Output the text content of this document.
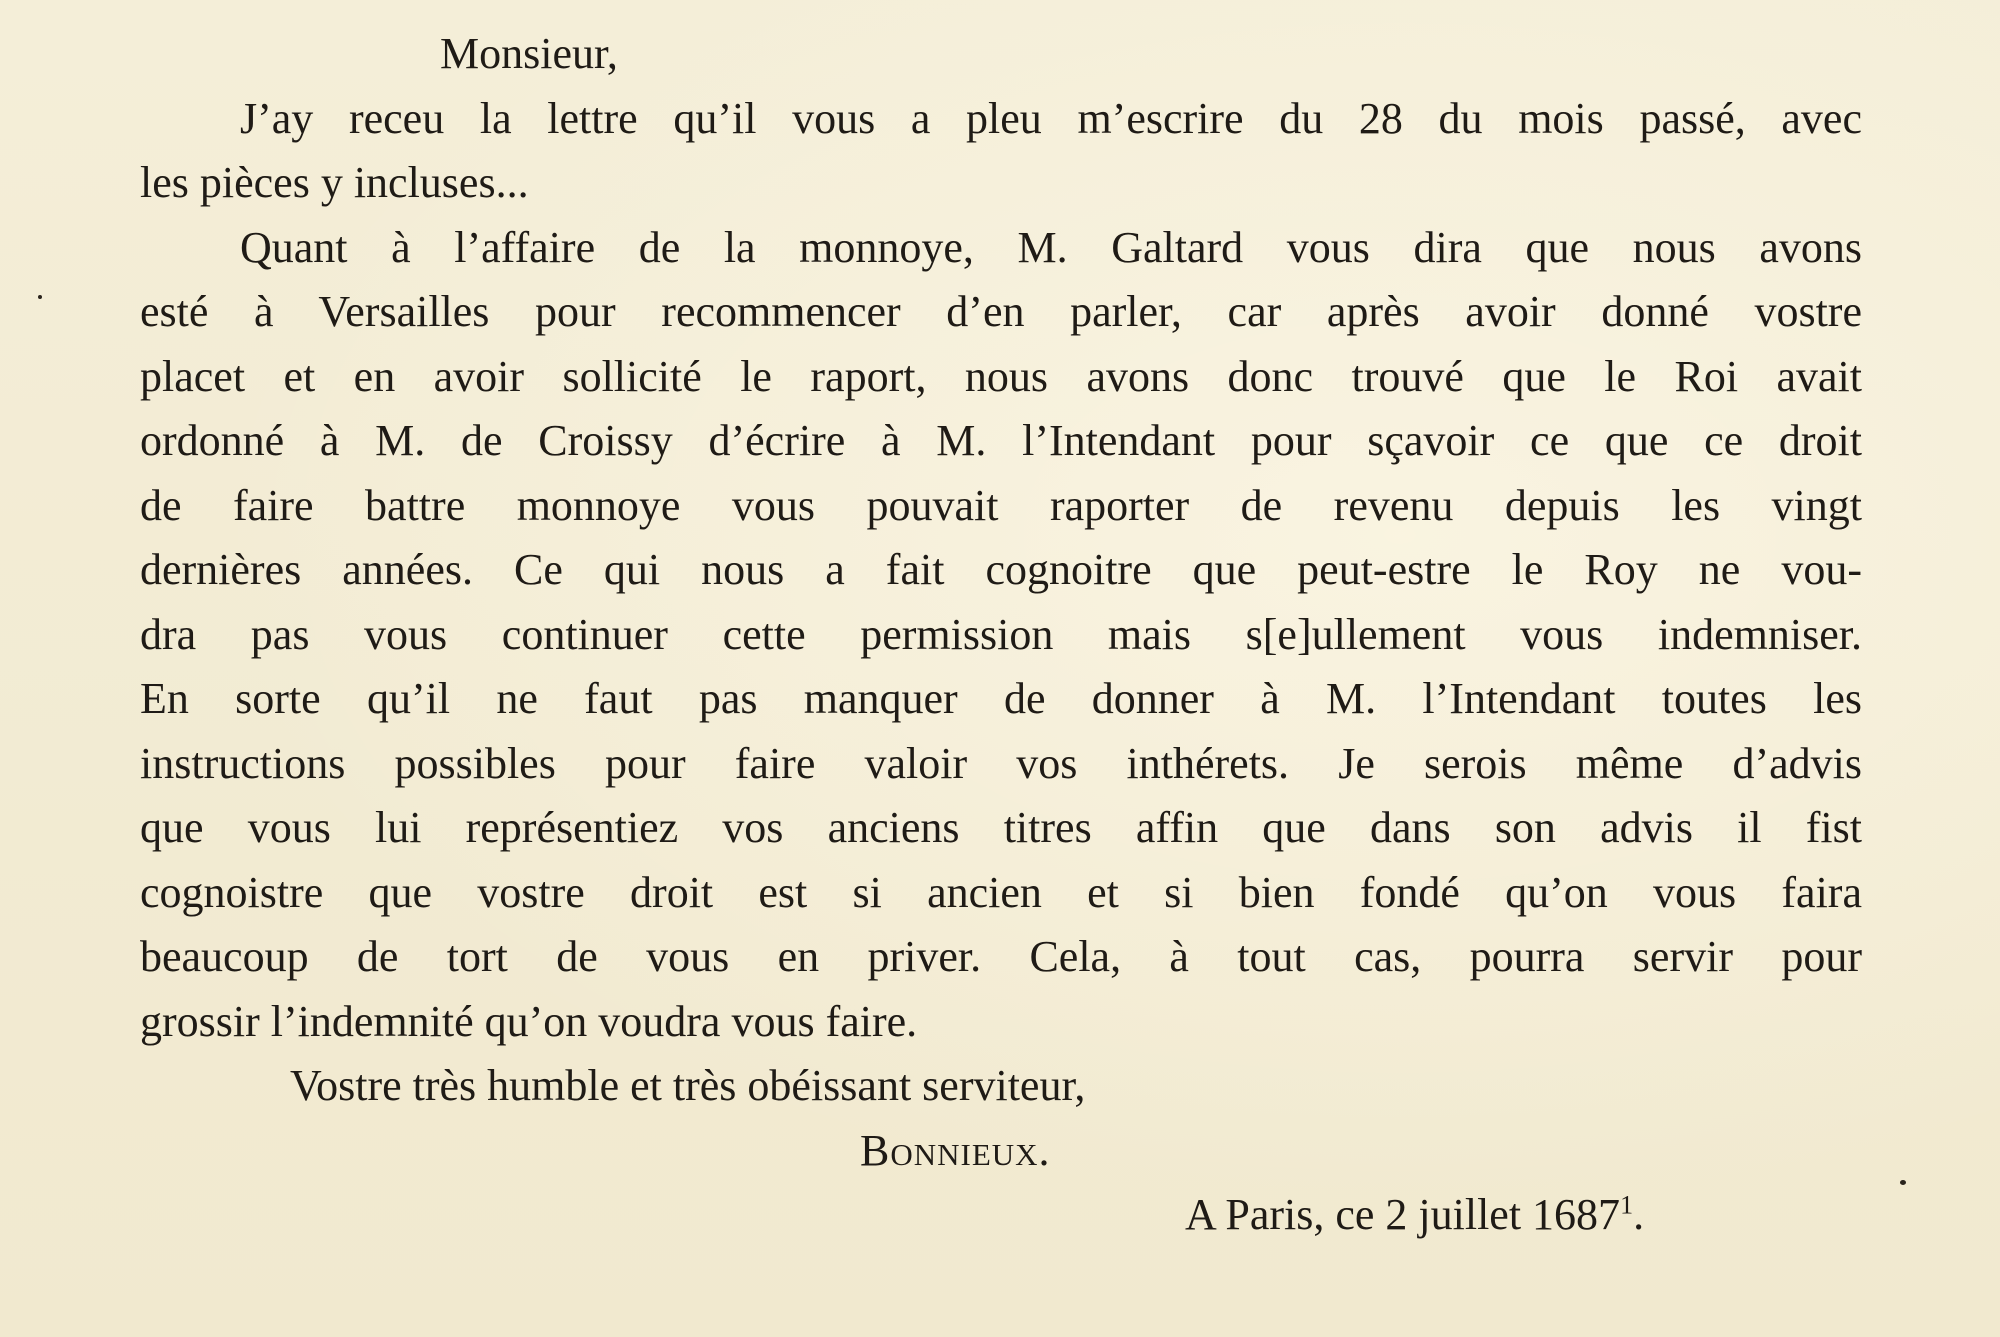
Monsieur,
J’ay receu la lettre qu’il vous a pleu m’escrire du 28 du mois passé, avec
les pièces y incluses...
Quant à l’affaire de la monnoye, M. Galtard vous dira que nous avons
esté à Versailles pour recommencer d’en parler, car après avoir donné vostre
placet et en avoir sollicité le raport, nous avons donc trouvé que le Roi avait
ordonné à M. de Croissy d’écrire à M. l’Intendant pour sçavoir ce que ce droit
de faire battre monnoye vous pouvait raporter de revenu depuis les vingt
dernières années. Ce qui nous a fait cognoitre que peut-estre le Roy ne vou-
dra pas vous continuer cette permission mais s[e]ullement vous indemniser.
En sorte qu’il ne faut pas manquer de donner à M. l’Intendant toutes les
instructions possibles pour faire valoir vos inthérets. Je serois même d’advis
que vous lui représentiez vos anciens titres affin que dans son advis il fist
cognoistre que vostre droit est si ancien et si bien fondé qu’on vous faira
beaucoup de tort de vous en priver. Cela, à tout cas, pourra servir pour
grossir l’indemnité qu’on voudra vous faire.
Vostre très humble et très obéissant serviteur,
Bonnieux.
A Paris, ce 2 juillet 1687$^1$.
